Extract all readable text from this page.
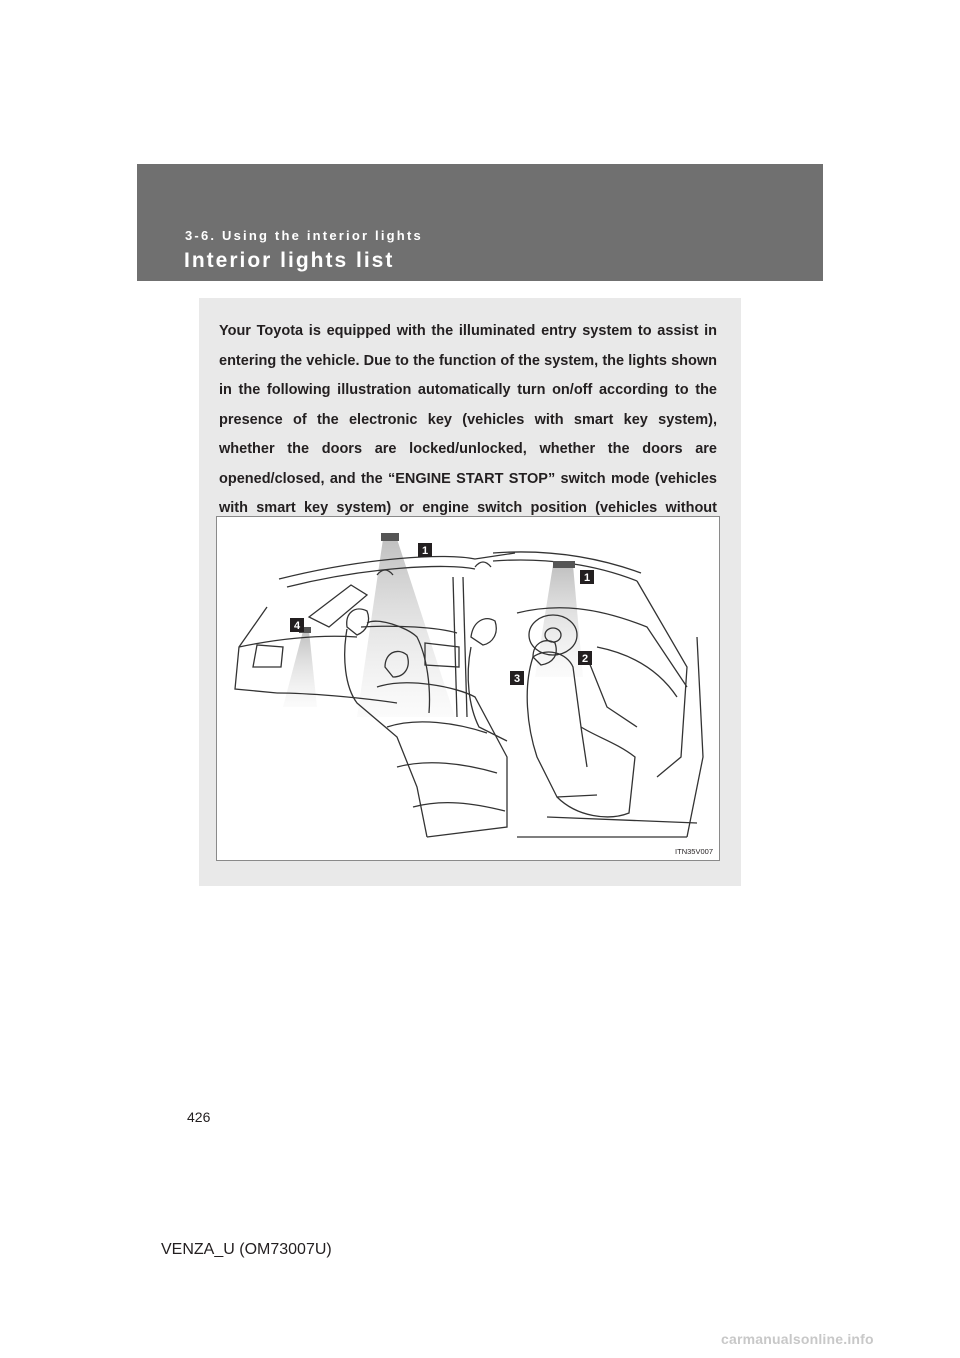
3-6. Using the interior lights
Interior lights list

Your Toyota is equipped with the illuminated entry system to assist in entering the vehicle. Due to the function of the system, the lights shown in the following illustration automatically turn on/off according to the presence of the electronic key (vehicles with smart key system), whether the doors are locked/unlocked, whether the doors are opened/closed, and the “ENGINE START STOP” switch mode (vehicles with smart key system) or engine switch position (vehicles without

1
1
2
3
4
ITN35V007
426
VENZA_U (OM73007U)
carmanualsonline.info
